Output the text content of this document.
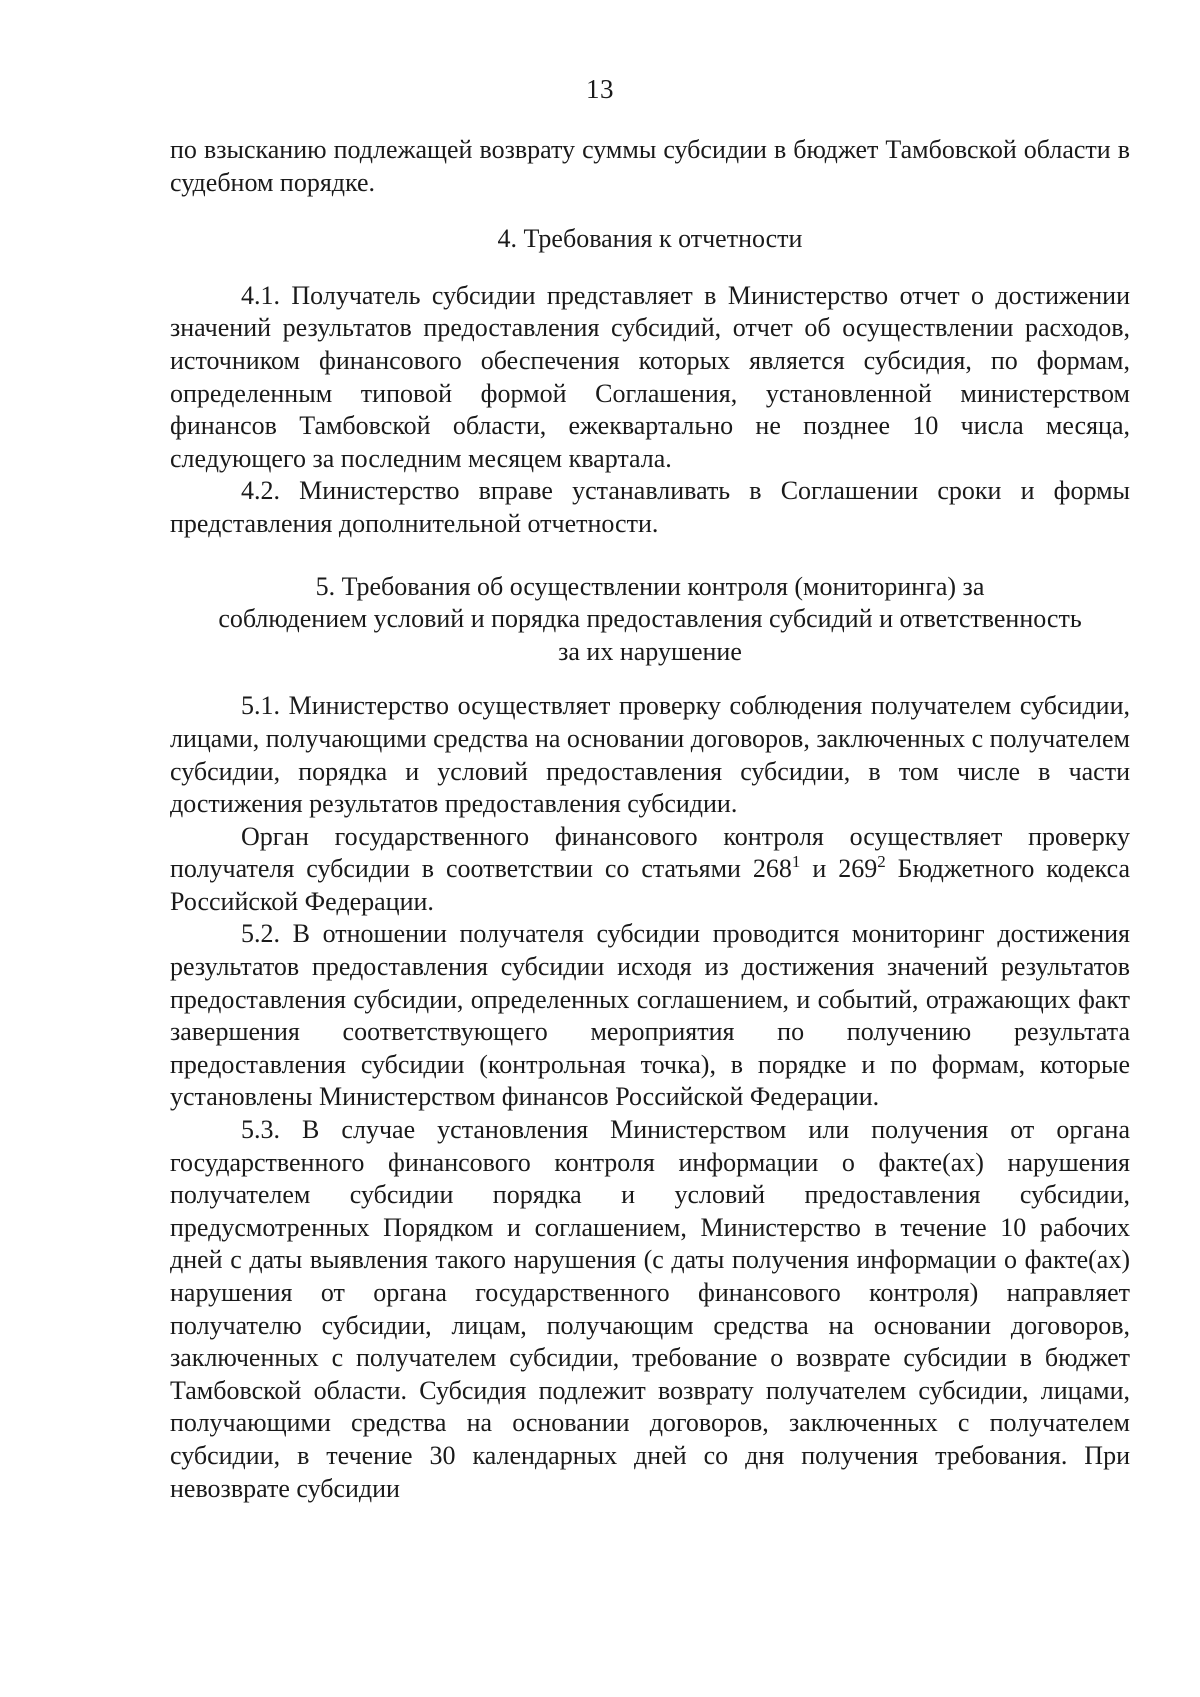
13

по взысканию подлежащей возврату суммы субсидии в бюджет Тамбовской области в судебном порядке.

4. Требования к отчетности

4.1. Получатель субсидии представляет в Министерство отчет о достижении значений результатов предоставления субсидий, отчет об осуществлении расходов, источником финансового обеспечения которых является субсидия, по формам, определенным типовой формой Соглашения, установленной министерством финансов Тамбовской области, ежеквартально не позднее 10 числа месяца, следующего за последним месяцем квартала.

4.2. Министерство вправе устанавливать в Соглашении сроки и формы представления дополнительной отчетности.

5. Требования об осуществлении контроля (мониторинга) за
соблюдением условий и порядка предоставления субсидий и ответственность
за их нарушение

5.1. Министерство осуществляет проверку соблюдения получателем субсидии, лицами, получающими средства на основании договоров, заключенных с получателем субсидии, порядка и условий предоставления субсидии, в том числе в части достижения результатов предоставления субсидии.

Орган государственного финансового контроля осуществляет проверку получателя субсидии в соответствии со статьями $268^1$ и $269^2$ Бюджетного кодекса Российской Федерации.

5.2. В отношении получателя субсидии проводится мониторинг достижения результатов предоставления субсидии исходя из достижения значений результатов предоставления субсидии, определенных соглашением, и событий, отражающих факт завершения соответствующего мероприятия по получению результата предоставления субсидии (контрольная точка), в порядке и по формам, которые установлены Министерством финансов Российской Федерации.

5.3. В случае установления Министерством или получения от органа государственного финансового контроля информации о факте(ах) нарушения получателем субсидии порядка и условий предоставления субсидии, предусмотренных Порядком и соглашением, Министерство в течение 10 рабочих дней с даты выявления такого нарушения (с даты получения информации о факте(ах) нарушения от органа государственного финансового контроля) направляет получателю субсидии, лицам, получающим средства на основании договоров, заключенных с получателем субсидии, требование о возврате субсидии в бюджет Тамбовской области. Субсидия подлежит возврату получателем субсидии, лицами, получающими средства на основании договоров, заключенных с получателем субсидии, в течение 30 календарных дней со дня получения требования. При невозврате субсидии
